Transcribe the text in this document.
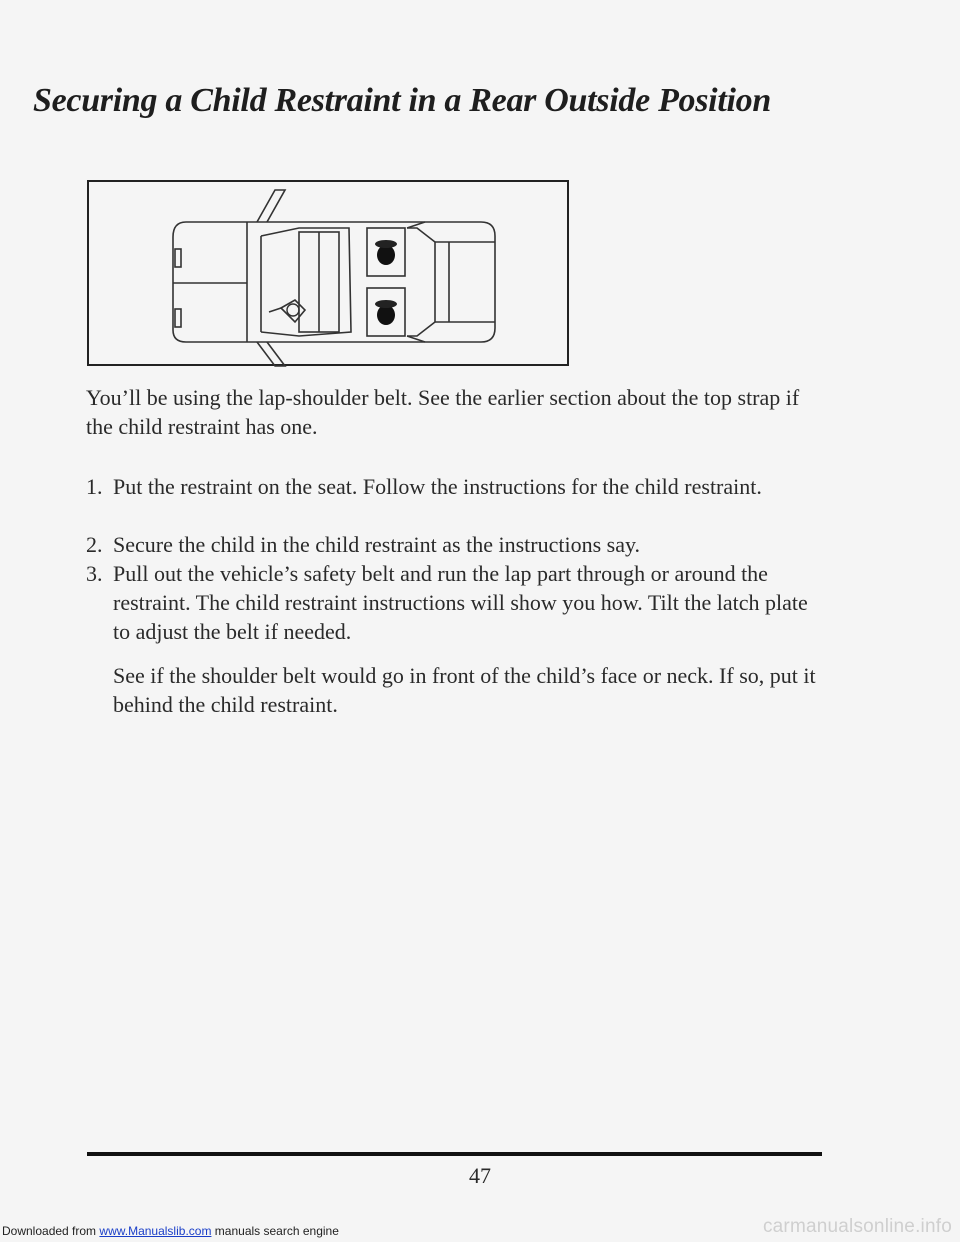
Securing a Child Restraint in a Rear Outside Position

You’ll be using the lap-shoulder belt. See the earlier section about the top strap if the child restraint has one.

1. Put the restraint on the seat. Follow the instructions for the child restraint.
2. Secure the child in the child restraint as the instructions say.
3. Pull out the vehicle’s safety belt and run the lap part through or around the restraint. The child restraint instructions will show you how. Tilt the latch plate to adjust the belt if needed.

See if the shoulder belt would go in front of the child’s face or neck. If so, put it behind the child restraint.

47
Downloaded from www.Manualslib.com manuals search engine	carmanualsonline.info
